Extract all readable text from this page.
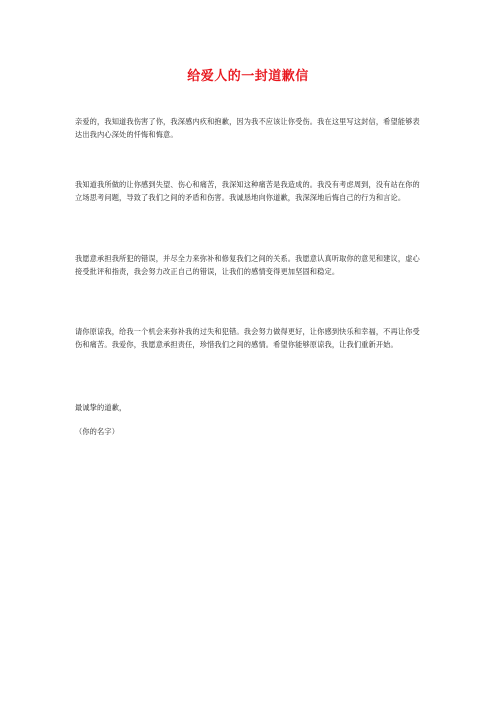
给爱人的一封道歉信

亲爱的，我知道我伤害了你，我深感内疚和抱歉，因为我不应该让你受伤。我在这里写这封信，希望能够表达出我内心深处的忏悔和悔意。

我知道我所做的让你感到失望、伤心和痛苦，我深知这种痛苦是我造成的。我没有考虑周到，没有站在你的立场思考问题，导致了我们之间的矛盾和伤害。我诚恳地向你道歉，我深深地后悔自己的行为和言论。

我愿意承担我所犯的错误，并尽全力来弥补和修复我们之间的关系。我愿意认真听取你的意见和建议，虚心接受批评和指责，我会努力改正自己的错误，让我们的感情变得更加坚固和稳定。

请你原谅我，给我一个机会来弥补我的过失和犯错。我会努力做得更好，让你感到快乐和幸福，不再让你受伤和痛苦。我爱你，我愿意承担责任，珍惜我们之间的感情。希望你能够原谅我，让我们重新开始。

最诚挚的道歉，

（你的名字）
